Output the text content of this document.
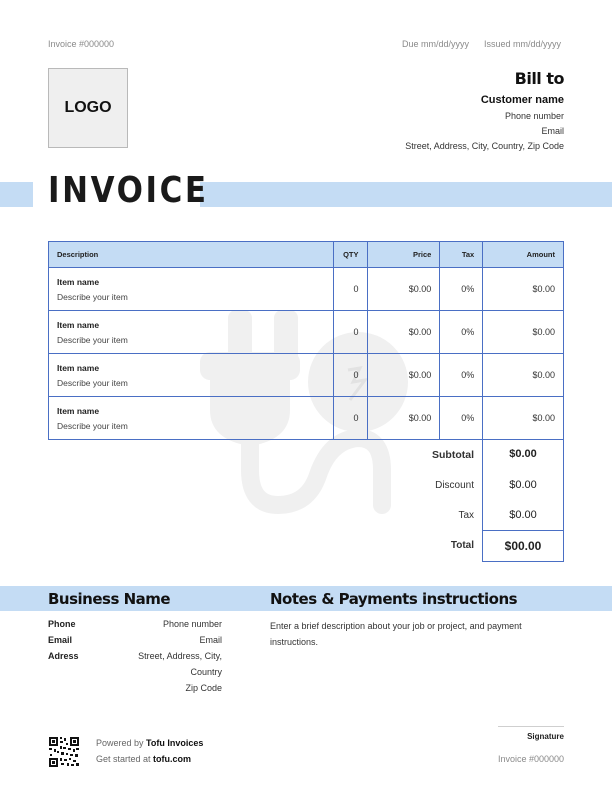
Invoice #000000	Due mm/dd/yyyy Issued mm/dd/yyyy
LOGO
Bill to
Customer name
Phone number
Email
Street, Address, City, Country, Zip Code
INVOICE
Description	QTY	Price	Tax	Amount

Item name
Describe your item	0	$0.00	0%	$0.00

Item name
Describe your item	0	$0.00	0%	$0.00

Item name
Describe your item	0	$0.00	0%	$0.00

Item name
Describe your item	0	$0.00	0%	$0.00
Subtotal	$0.00
Discount	$0.00
Tax	$0.00
Total	$00.00
Business Name	Notes & Payments instructions
Phone	Phone number
Email	Email
Adress	Street, Address, City,
Country
Zip Code
Enter a brief description about your job or project, and payment instructions.
Powered by Tofu Invoices
Get started at tofu.com
Signature
Invoice #000000
